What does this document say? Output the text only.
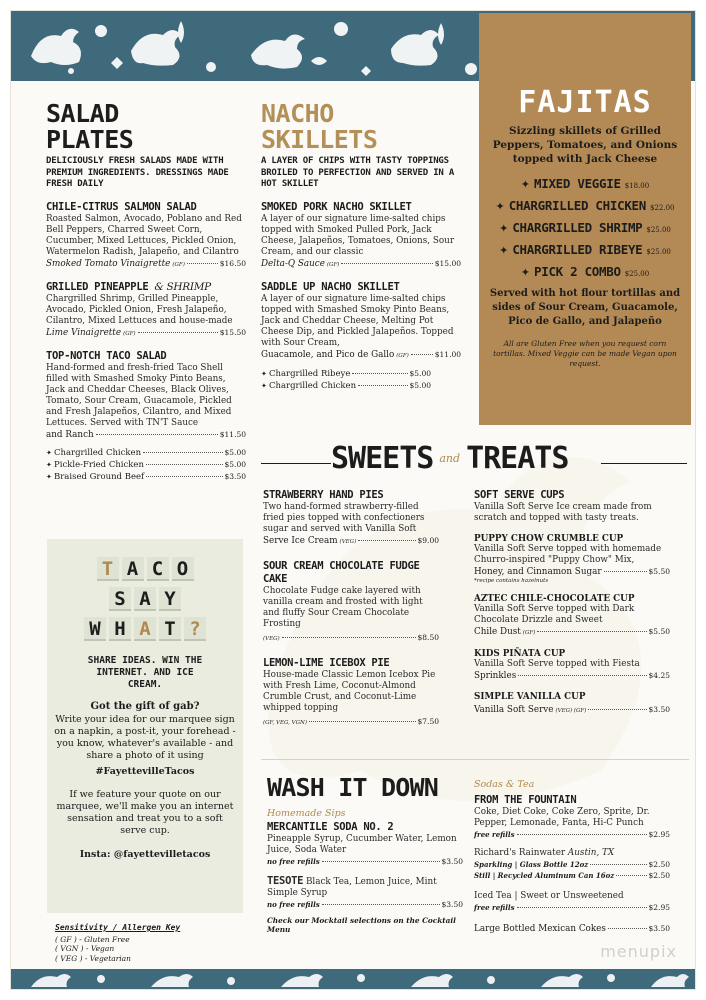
SALAD
PLATES
DELICIOUSLY FRESH SALADS MADE WITH PREMIUM INGREDIENTS. DRESSINGS MADE FRESH DAILY
CHILE-CITRUS SALMON SALAD
Roasted Salmon, Avocado, Poblano and Red Bell Peppers, Charred Sweet Corn, Cucumber, Mixed Lettuces, Pickled Onion, Watermelon Radish, Jalapeño, and Cilantro
Smoked Tomato Vinaigrette (GF)	$16.50
GRILLED PINEAPPLE & SHRIMP
Chargrilled Shrimp, Grilled Pineapple, Avocado, Pickled Onion, Fresh Jalapeño, Cilantro, Mixed Lettuces and house-made
Lime Vinaigrette (GF)	$15.50
TOP-NOTCH TACO SALAD
Hand-formed and fresh-fried Taco Shell filled with Smashed Smoky Pinto Beans, Jack and Cheddar Cheeses, Black Olives, Tomato, Sour Cream, Guacamole, Pickled and Fresh Jalapeños, Cilantro, and Mixed Lettuces. Served with TN'T Sauce
and Ranch	$11.50
✦ Chargrilled Chicken	$5.00
✦ Pickle-Fried Chicken	$5.00
✦ Braised Ground Beef	$3.50
NACHO
SKILLETS
A LAYER OF CHIPS WITH TASTY TOPPINGS BROILED TO PERFECTION AND SERVED IN A HOT SKILLET
SMOKED PORK NACHO SKILLET
A layer of our signature lime-salted chips topped with Smoked Pulled Pork, Jack Cheese, Jalapeños, Tomatoes, Onions, Sour Cream, and our classic
Delta-Q Sauce (GF)	$15.00
SADDLE UP NACHO SKILLET
A layer of our signature lime-salted chips topped with Smashed Smoky Pinto Beans, Jack and Cheddar Cheese, Melting Pot Cheese Dip, and Pickled Jalapeños. Topped with Sour Cream,
Guacamole, and Pico de Gallo (GF)	$11.00
✦ Chargrilled Ribeye	$5.00
✦ Chargrilled Chicken	$5.00
FAJITAS
Sizzling skillets of Grilled Peppers, Tomatoes, and Onions topped with Jack Cheese
✦ MIXED VEGGIE $18.00
✦ CHARGRILLED CHICKEN $22.00
✦ CHARGRILLED SHRIMP $25.00
✦ CHARGRILLED RIBEYE $25.00
✦ PICK 2 COMBO $25.00
Served with hot flour tortillas and sides of Sour Cream, Guacamole, Pico de Gallo, and Jalapeño
All are Gluten Free when you request corn tortillas. Mixed Veggie can be made Vegan upon request.
T A C O
S A Y
W H A T ?
SHARE IDEAS. WIN THE INTERNET. AND ICE CREAM.
Got the gift of gab?
Write your idea for our marquee sign on a napkin, a post-it, your forehead - you know, whatever's available - and share a photo of it using
#FayettevilleTacos
If we feature your quote on our marquee, we'll make you an internet sensation and treat you to a soft serve cup.
Insta: @fayettevilletacos
Sensitivity / Allergen Key
( GF ) - Gluten Free
( VGN ) - Vegan
( VEG ) - Vegetarian
SWEETS and TREATS
STRAWBERRY HAND PIES
Two hand-formed strawberry-filled fried pies topped with confectioners sugar and served with Vanilla Soft
Serve Ice Cream (VEG)	$9.00
SOUR CREAM CHOCOLATE FUDGE CAKE
Chocolate Fudge cake layered with vanilla cream and frosted with light and fluffy Sour Cream Chocolate Frosting
(VEG)	$8.50
LEMON-LIME ICEBOX PIE
House-made Classic Lemon Icebox Pie with Fresh Lime, Coconut-Almond Crumble Crust, and Coconut-Lime whipped topping
(GF, VEG, VGN)	$7.50
SOFT SERVE CUPS
Vanilla Soft Serve Ice cream made from scratch and topped with tasty treats.
PUPPY CHOW CRUMBLE CUP
Vanilla Soft Serve topped with homemade Churro-inspired "Puppy Chow" Mix,
Honey, and Cinnamon Sugar	$5.50
*recipe contains hazelnuts
AZTEC CHILE-CHOCOLATE CUP
Vanilla Soft Serve topped with Dark Chocolate Drizzle and Sweet
Chile Dust (GF)	$5.50
KIDS PIÑATA CUP
Vanilla Soft Serve topped with Fiesta
Sprinkles	$4.25
SIMPLE VANILLA CUP
Vanilla Soft Serve (VEG) (GF)	$3.50
WASH IT DOWN
Homemade Sips
MERCANTILE SODA NO. 2
Pineapple Syrup, Cucumber Water, Lemon Juice, Soda Water
no free refills	$3.50
TESOTE Black Tea, Lemon Juice, Mint Simple Syrup
no free refills	$3.50
Check our Mocktail selections on the Cocktail Menu
Sodas & Tea
FROM THE FOUNTAIN
Coke, Diet Coke, Coke Zero, Sprite, Dr. Pepper, Lemonade, Fanta, Hi-C Punch
free refills	$2.95
Richard's Rainwater Austin, TX
Sparkling | Glass Bottle 12oz	$2.50
Still | Recycled Aluminum Can 16oz	$2.50
Iced Tea | Sweet or Unsweetened
free refills	$2.95
Large Bottled Mexican Cokes	$3.50
menupix
